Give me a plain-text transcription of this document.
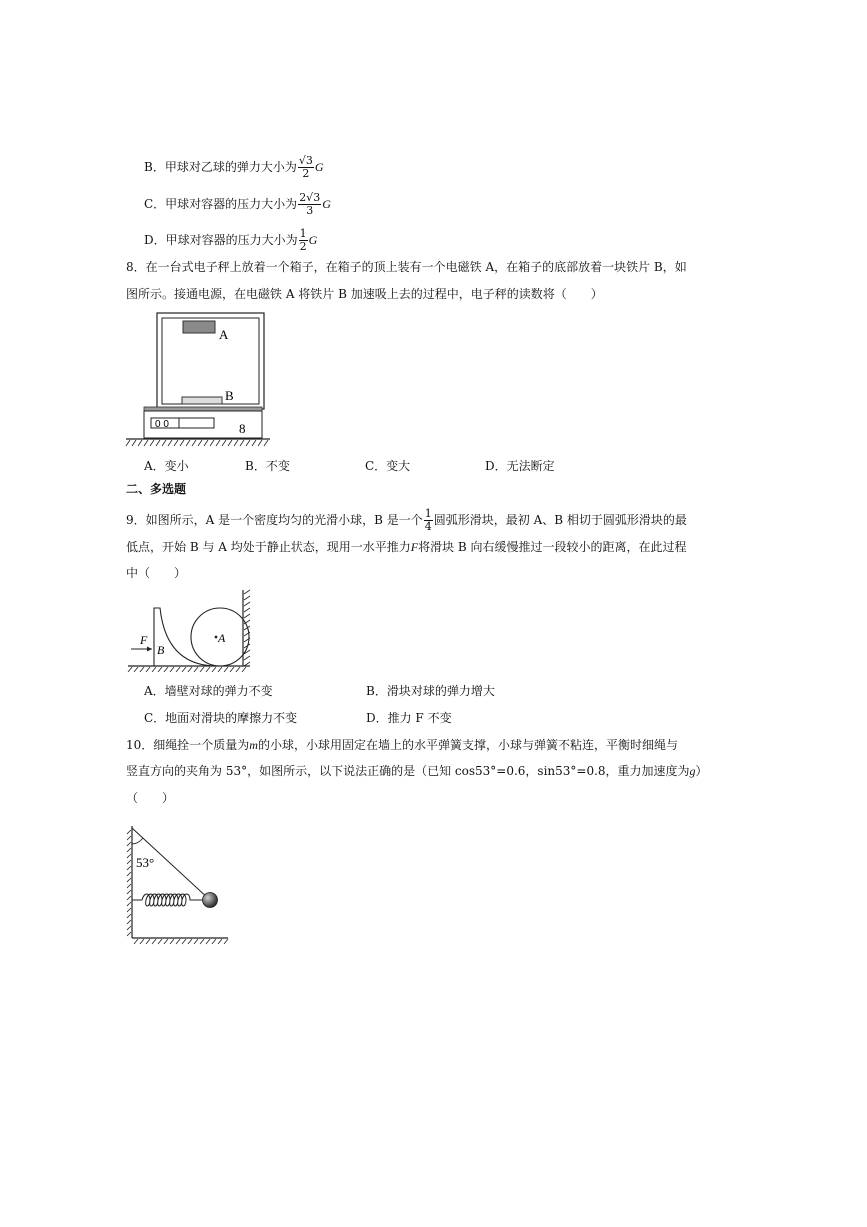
B．甲球对乙球的弹力大小为 $\frac{√3}{2}$ G
C．甲球对容器的压力大小为 $\frac{2√3}{3}$ G
D．甲球对容器的压力大小为 $\frac{1}{2}$ G
8．在一台式电子秤上放着一个箱子，在箱子的顶上装有一个电磁铁 A，在箱子的底部放着一块铁片 B，如
图所示。接通电源，在电磁铁 A 将铁片 B 加速吸上去的过程中，电子秤的读数将（　　）
A
B
0 0	8
A．变小	B．不变	C．变大	D．无法断定
二、多选题
9．如图所示，A 是一个密度均匀的光滑小球，B 是一个 $\frac{1}{4}$ 圆弧形滑块，最初 A、B 相切于圆弧形滑块的最
低点，开始 B 与 A 均处于静止状态，现用一水平推力F将滑块 B 向右缓慢推过一段较小的距离，在此过程
中（　　）
A
B
F
A．墙壁对球的弹力不变	B．滑块对球的弹力增大
C．地面对滑块的摩擦力不变	D．推力 F 不变
10．细绳拴一个质量为m的小球，小球用固定在墙上的水平弹簧支撑，小球与弹簧不粘连，平衡时细绳与
竖直方向的夹角为 53°，如图所示，以下说法正确的是（已知 cos53°=0.6，sin53°=0.8，重力加速度为g）
（　　）
53°
